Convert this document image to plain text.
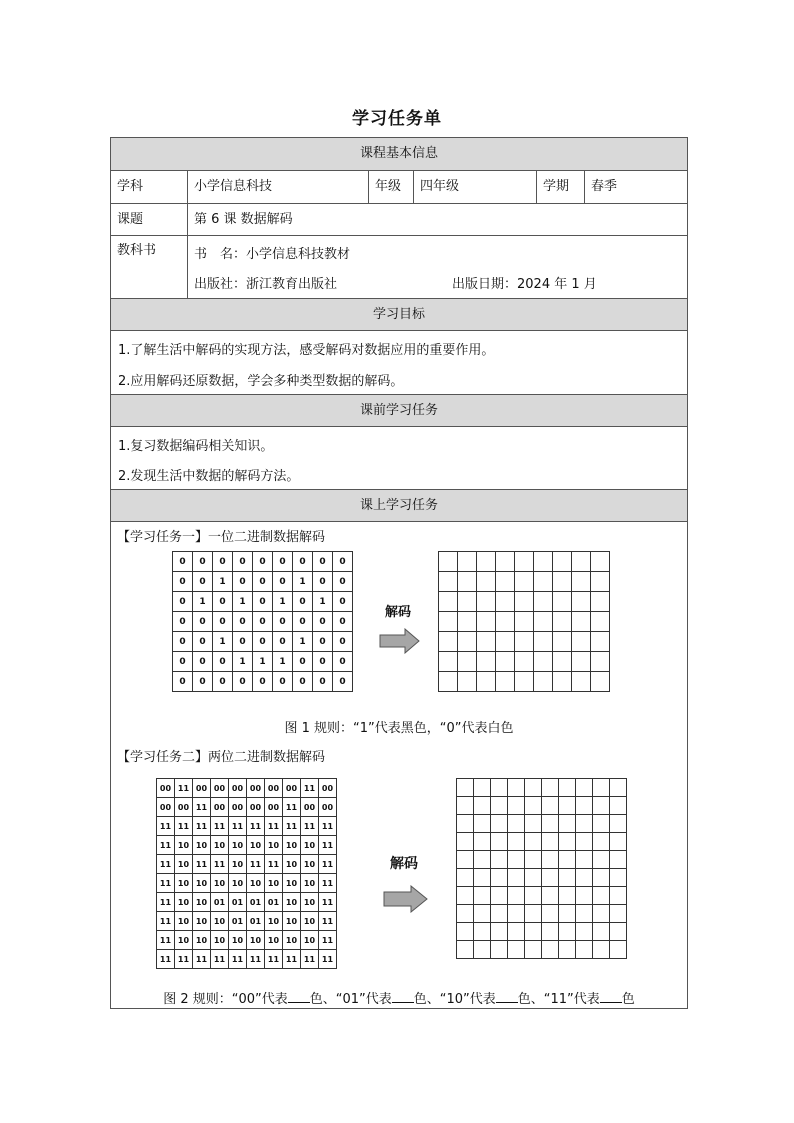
学习任务单
课程基本信息
学科	小学信息科技	年级	四年级	学期	春季
课题	第 6 课 数据解码
教科书	书　名：小学信息科技教材
出版社：浙江教育出版社	出版日期：2024 年 1 月
学习目标
1.了解生活中解码的实现方法，感受解码对数据应用的重要作用。
2.应用解码还原数据，学会多种类型数据的解码。
课前学习任务
1.复习数据编码相关知识。
2.发现生活中数据的解码方法。
课上学习任务
【学习任务一】一位二进制数据解码
0	0	0	0	0	0	0	0	0
0	0	1	0	0	0	1	0	0
0	1	0	1	0	1	0	1	0
0	0	0	0	0	0	0	0	0
0	0	1	0	0	0	1	0	0
0	0	0	1	1	1	0	0	0
0	0	0	0	0	0	0	0	0
解码

图 1 规则：“1”代表黑色，“0”代表白色
【学习任务二】两位二进制数据解码
00	11	00	00	00	00	00	00	11	00
00	00	11	00	00	00	00	11	00	00
11	11	11	11	11	11	11	11	11	11
11	10	10	10	10	10	10	10	10	11
11	10	11	11	10	11	11	10	10	11
11	10	10	10	10	10	10	10	10	11
11	10	10	01	01	01	01	10	10	11
11	10	10	10	01	01	10	10	10	11
11	10	10	10	10	10	10	10	10	11
11	11	11	11	11	11	11	11	11	11
解码

图 2 规则：“00”代表 色、“01”代表 色、“10”代表 色、“11”代表 色
